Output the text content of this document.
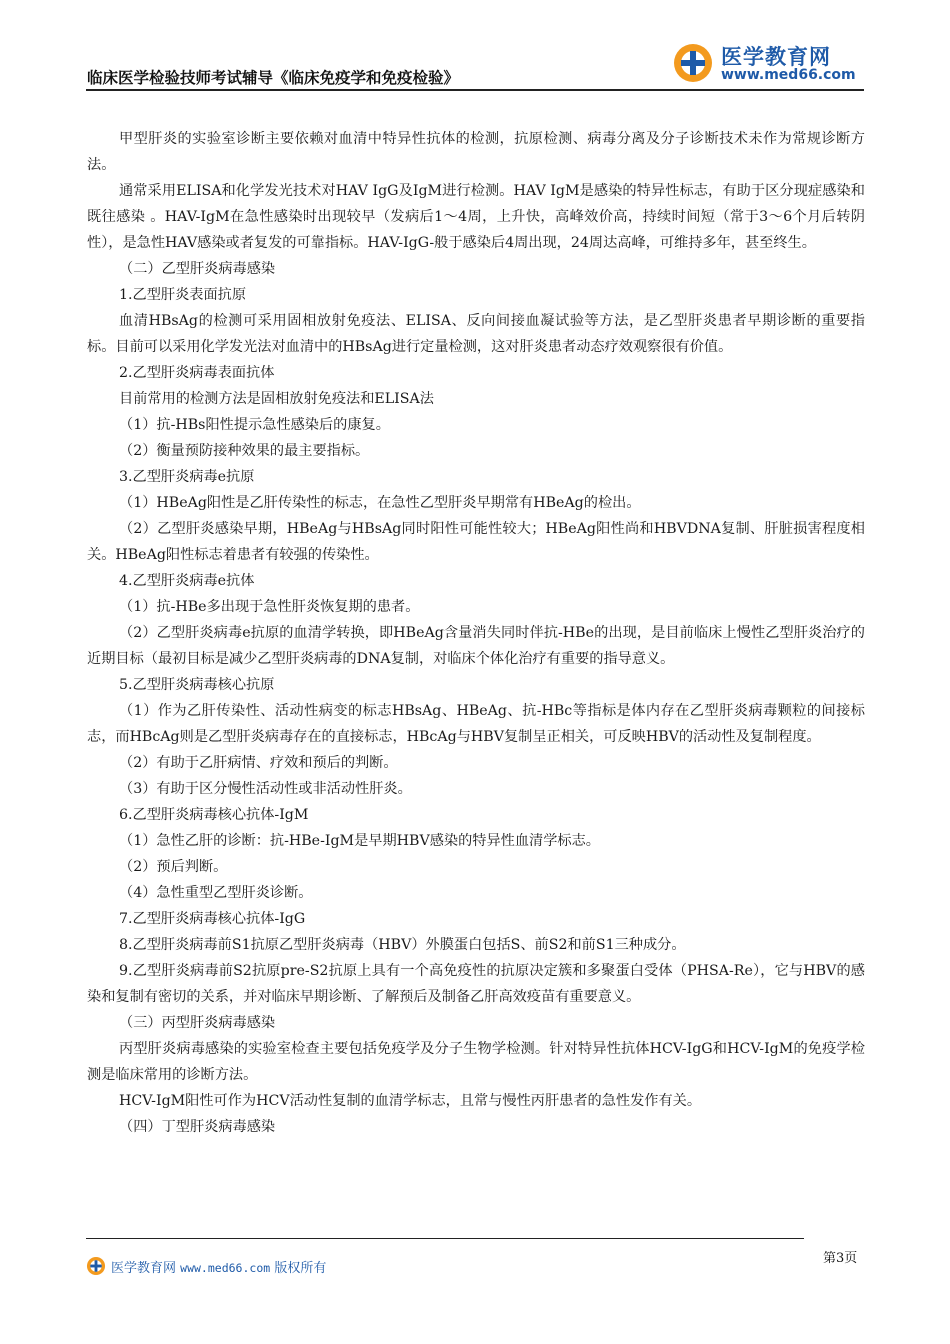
临床医学检验技师考试辅导《临床免疫学和免疫检验》
医学教育网
www.med66.com

甲型肝炎的实验室诊断主要依赖对血清中特异性抗体的检测，抗原检测、病毒分离及分子诊断技术未作为常规诊断方法。

通常采用ELISA和化学发光技术对HAV IgG及IgM进行检测。HAV IgM是感染的特异性标志，有助于区分现症感染和既往感染 。HAV-IgM在急性感染时出现较早（发病后1～4周，上升快，高峰效价高，持续时间短（常于3～6个月后转阴性），是急性HAV感染或者复发的可靠指标。HAV-IgG-般于感染后4周出现，24周达高峰，可维持多年，甚至终生。

（二）乙型肝炎病毒感染

1.乙型肝炎表面抗原

血清HBsAg的检测可采用固相放射免疫法、ELISA、反向间接血凝试验等方法，是乙型肝炎患者早期诊断的重要指标。目前可以采用化学发光法对血清中的HBsAg进行定量检测，这对肝炎患者动态疗效观察很有价值。

2.乙型肝炎病毒表面抗体

目前常用的检测方法是固相放射免疫法和ELISA法

（1）抗-HBs阳性提示急性感染后的康复。

（2）衡量预防接种效果的最主要指标。

3.乙型肝炎病毒e抗原

（1）HBeAg阳性是乙肝传染性的标志，在急性乙型肝炎早期常有HBeAg的检出。

（2）乙型肝炎感染早期，HBeAg与HBsAg同时阳性可能性较大；HBeAg阳性尚和HBVDNA复制、肝脏损害程度相关。HBeAg阳性标志着患者有较强的传染性。

4.乙型肝炎病毒e抗体

（1）抗-HBe多出现于急性肝炎恢复期的患者。

（2）乙型肝炎病毒e抗原的血清学转换，即HBeAg含量消失同时伴抗-HBe的出现，是目前临床上慢性乙型肝炎治疗的近期目标（最初目标是减少乙型肝炎病毒的DNA复制，对临床个体化治疗有重要的指导意义。

5.乙型肝炎病毒核心抗原

（1）作为乙肝传染性、活动性病变的标志HBsAg、HBeAg、抗-HBc等指标是体内存在乙型肝炎病毒颗粒的间接标志，而HBcAg则是乙型肝炎病毒存在的直接标志，HBcAg与HBV复制呈正相关，可反映HBV的活动性及复制程度。

（2）有助于乙肝病情、疗效和预后的判断。

（3）有助于区分慢性活动性或非活动性肝炎。

6.乙型肝炎病毒核心抗体-IgM

（1）急性乙肝的诊断：抗-HBe-IgM是早期HBV感染的特异性血清学标志。

（2）预后判断。

（4）急性重型乙型肝炎诊断。

7.乙型肝炎病毒核心抗体-IgG

8.乙型肝炎病毒前S1抗原乙型肝炎病毒（HBV）外膜蛋白包括S、前S2和前S1三种成分。

9.乙型肝炎病毒前S2抗原pre-S2抗原上具有一个高免疫性的抗原决定簇和多聚蛋白受体（PHSA-Re），它与HBV的感染和复制有密切的关系，并对临床早期诊断、了解预后及制备乙肝高效疫苗有重要意义。

（三）丙型肝炎病毒感染

丙型肝炎病毒感染的实验室检查主要包括免疫学及分子生物学检测。针对特异性抗体HCV-IgG和HCV-IgM的免疫学检测是临床常用的诊断方法。

HCV-IgM阳性可作为HCV活动性复制的血清学标志，且常与慢性丙肝患者的急性发作有关。

（四）丁型肝炎病毒感染

医学教育网 www.med66.com 版权所有
第3页
